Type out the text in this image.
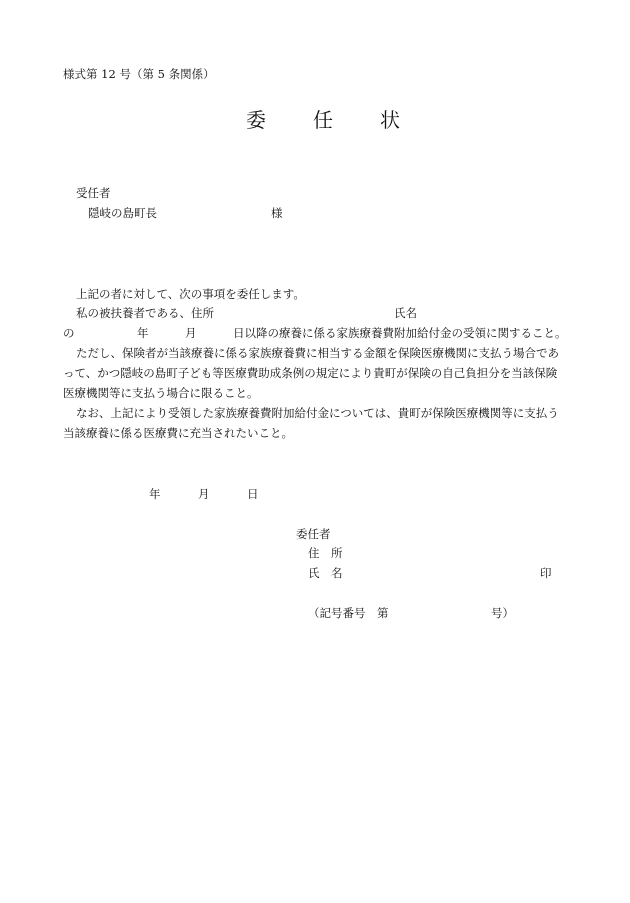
様式第 12 号（第 5 条関係）
委 任 状
受任者
隠岐の島町長	様
上記の者に対して、次の事項を委任します。
私の被扶養者である、住所	氏名
の	年	月	日以降の療養に係る家族療養費附加給付金の受領に関すること。
ただし、保険者が当該療養に係る家族療養費に相当する金額を保険医療機関に支払う場合であ
って、かつ隠岐の島町子ども等医療費助成条例の規定により貴町が保険の自己負担分を当該保険
医療機関等に支払う場合に限ること。
なお、上記により受領した家族療養費附加給付金については、貴町が保険医療機関等に支払う
当該療養に係る医療費に充当されたいこと。
年	月	日
委任者
住　所
氏　名	印
（記号番号　第	号）
